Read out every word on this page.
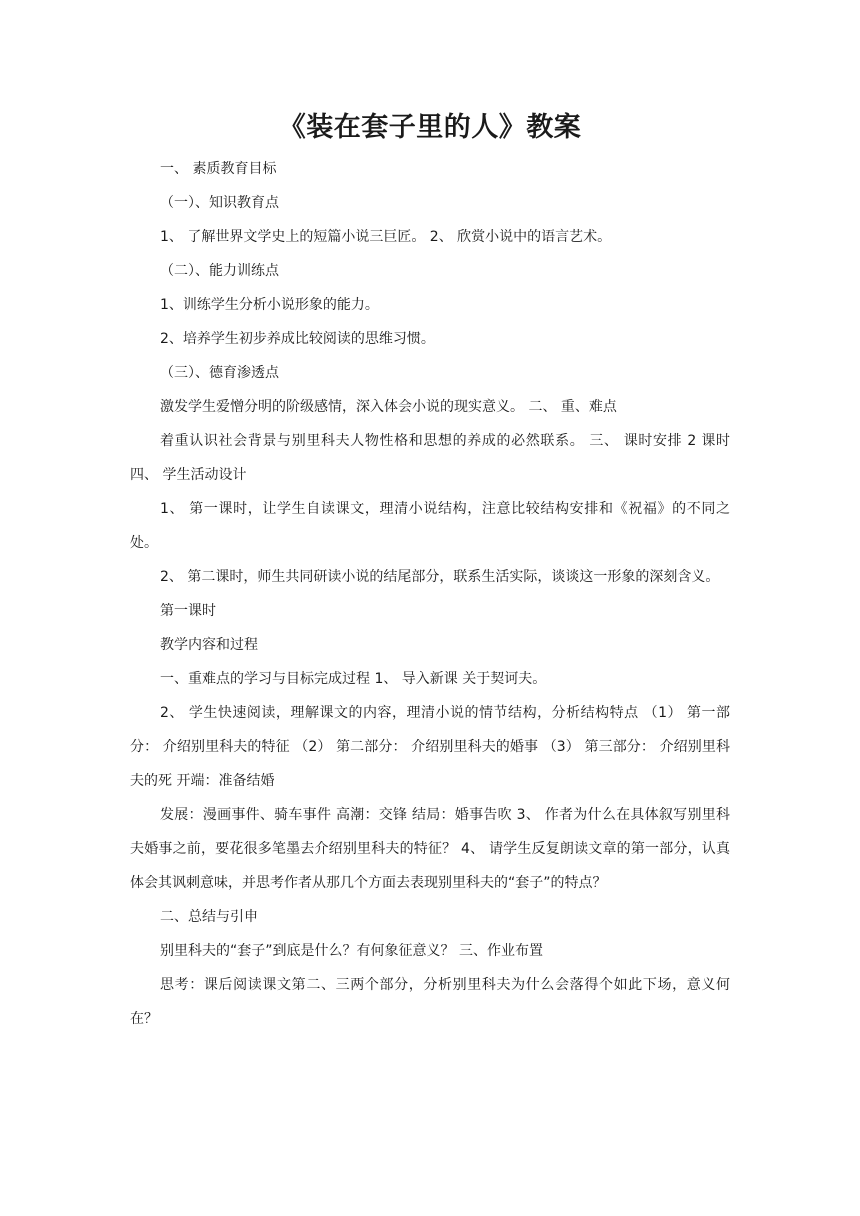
《装在套子里的人》教案

一、 素质教育目标

（一）、知识教育点

1、 了解世界文学史上的短篇小说三巨匠。 2、 欣赏小说中的语言艺术。

（二）、能力训练点

1、训练学生分析小说形象的能力。

2、培养学生初步养成比较阅读的思维习惯。

（三）、德育渗透点

激发学生爱憎分明的阶级感情，深入体会小说的现实意义。 二、 重、难点

着重认识社会背景与别里科夫人物性格和思想的养成的必然联系。 三、 课时安排 2 课时 四、 学生活动设计

1、 第一课时，让学生自读课文，理清小说结构，注意比较结构安排和《祝福》的不同之处。

2、 第二课时，师生共同研读小说的结尾部分，联系生活实际，谈谈这一形象的深刻含义。

第一课时

教学内容和过程

一、重难点的学习与目标完成过程 1、 导入新课 关于契诃夫。

2、 学生快速阅读，理解课文的内容，理清小说的情节结构，分析结构特点 （1） 第一部分： 介绍别里科夫的特征 （2） 第二部分： 介绍别里科夫的婚事 （3） 第三部分： 介绍别里科夫的死 开端：准备结婚

发展：漫画事件、骑车事件 高潮：交锋 结局：婚事告吹 3、 作者为什么在具体叙写别里科夫婚事之前，要花很多笔墨去介绍别里科夫的特征？ 4、 请学生反复朗读文章的第一部分，认真体会其讽刺意味，并思考作者从那几个方面去表现别里科夫的“套子”的特点？

二、总结与引申

别里科夫的“套子”到底是什么？有何象征意义？ 三、作业布置

思考：课后阅读课文第二、三两个部分，分析别里科夫为什么会落得个如此下场，意义何在？
